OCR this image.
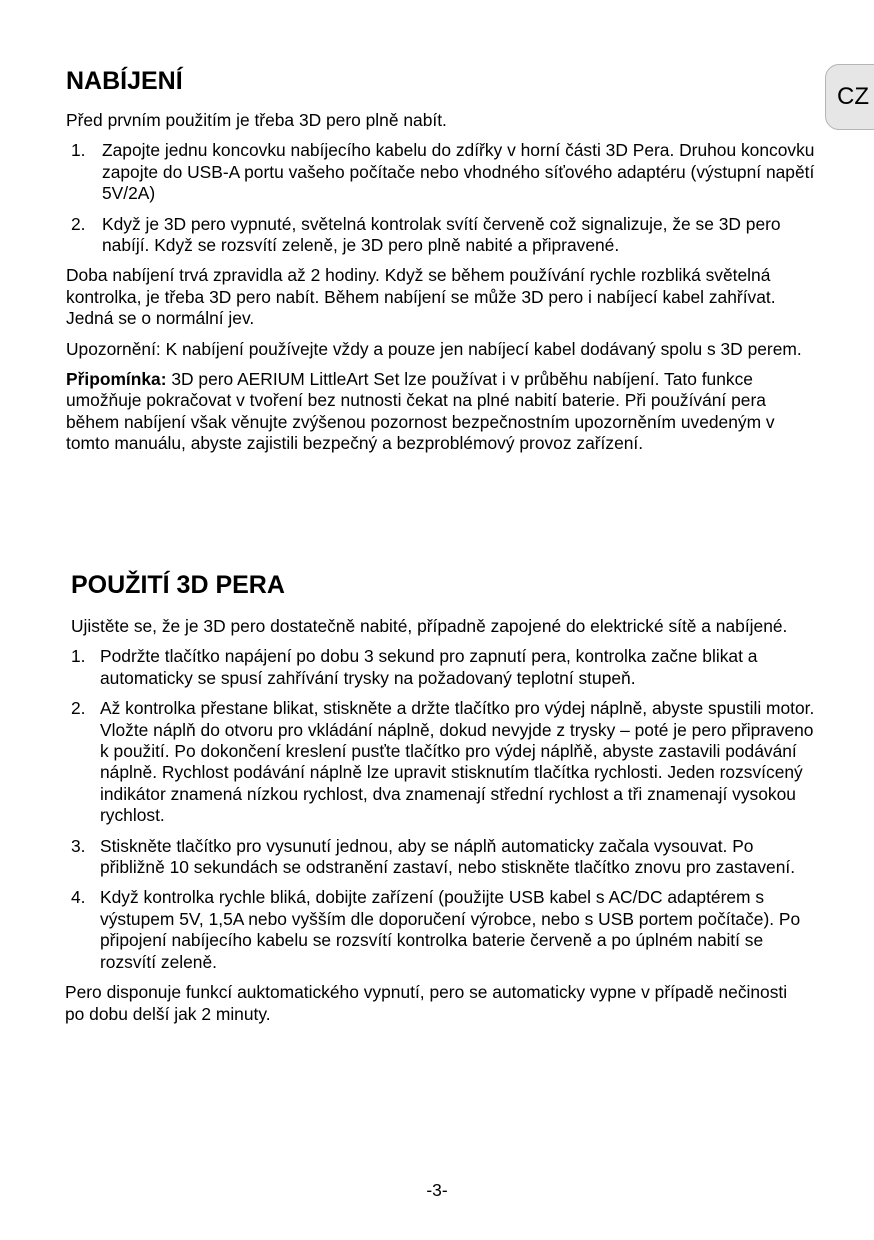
CZ
NABÍJENÍ

Před prvním použitím je třeba 3D pero plně nabít.

1. Zapojte jednu koncovku nabíjecího kabelu do zdířky v horní části 3D Pera. Druhou koncovku zapojte do USB-A portu vašeho počítače nebo vhodného síťového adaptéru (výstupní napětí 5V/2A)
2. Když je 3D pero vypnuté, světelná kontrolak svítí červeně což signalizuje, že se 3D pero nabíjí. Když se rozsvítí zeleně, je 3D pero plně nabité a připravené.

Doba nabíjení trvá zpravidla až 2 hodiny. Když se během používání rychle rozbliká světelná kontrolka, je třeba 3D pero nabít. Během nabíjení se může 3D pero i nabíjecí kabel zahřívat. Jedná se o normální jev.

Upozornění: K nabíjení používejte vždy a pouze jen nabíjecí kabel dodávaný spolu s 3D perem.

Připomínka: 3D pero AERIUM LittleArt Set lze používat i v průběhu nabíjení. Tato funkce umožňuje pokračovat v tvoření bez nutnosti čekat na plné nabití baterie. Při používání pera během nabíjení však věnujte zvýšenou pozornost bezpečnostním upozorněním uvedeným v tomto manuálu, abyste zajistili bezpečný a bezproblémový provoz zařízení.

POUŽITÍ 3D PERA

Ujistěte se, že je 3D pero dostatečně nabité, případně zapojené do elektrické sítě a nabíjené.

1. Podržte tlačítko napájení po dobu 3 sekund pro zapnutí pera, kontrolka začne blikat a automaticky se spusí zahřívání trysky na požadovaný teplotní stupeň.
2. Až kontrolka přestane blikat, stiskněte a držte tlačítko pro výdej náplně, abyste spustili motor. Vložte náplň do otvoru pro vkládání náplně, dokud nevyjde z trysky – poté je pero připraveno k použití. Po dokončení kreslení pusťte tlačítko pro výdej náplňě, abyste zastavili podávání náplně. Rychlost podávání náplně lze upravit stisknutím tlačítka rychlosti. Jeden rozsvícený indikátor znamená nízkou rychlost, dva znamenají střední rychlost a tři znamenají vysokou rychlost.
3. Stiskněte tlačítko pro vysunutí jednou, aby se náplň automaticky začala vysouvat. Po přibližně 10 sekundách se odstranění zastaví, nebo stiskněte tlačítko znovu pro zastavení.
4. Když kontrolka rychle bliká, dobijte zařízení (použijte USB kabel s AC/DC adaptérem s výstupem 5V, 1,5A nebo vyšším dle doporučení výrobce, nebo s USB portem počítače). Po připojení nabíjecího kabelu se rozsvítí kontrolka baterie červeně a po úplném nabití se rozsvítí zeleně.

Pero disponuje funkcí auktomatického vypnutí, pero se automaticky vypne v případě nečinosti po dobu delší jak 2 minuty.

-3-
